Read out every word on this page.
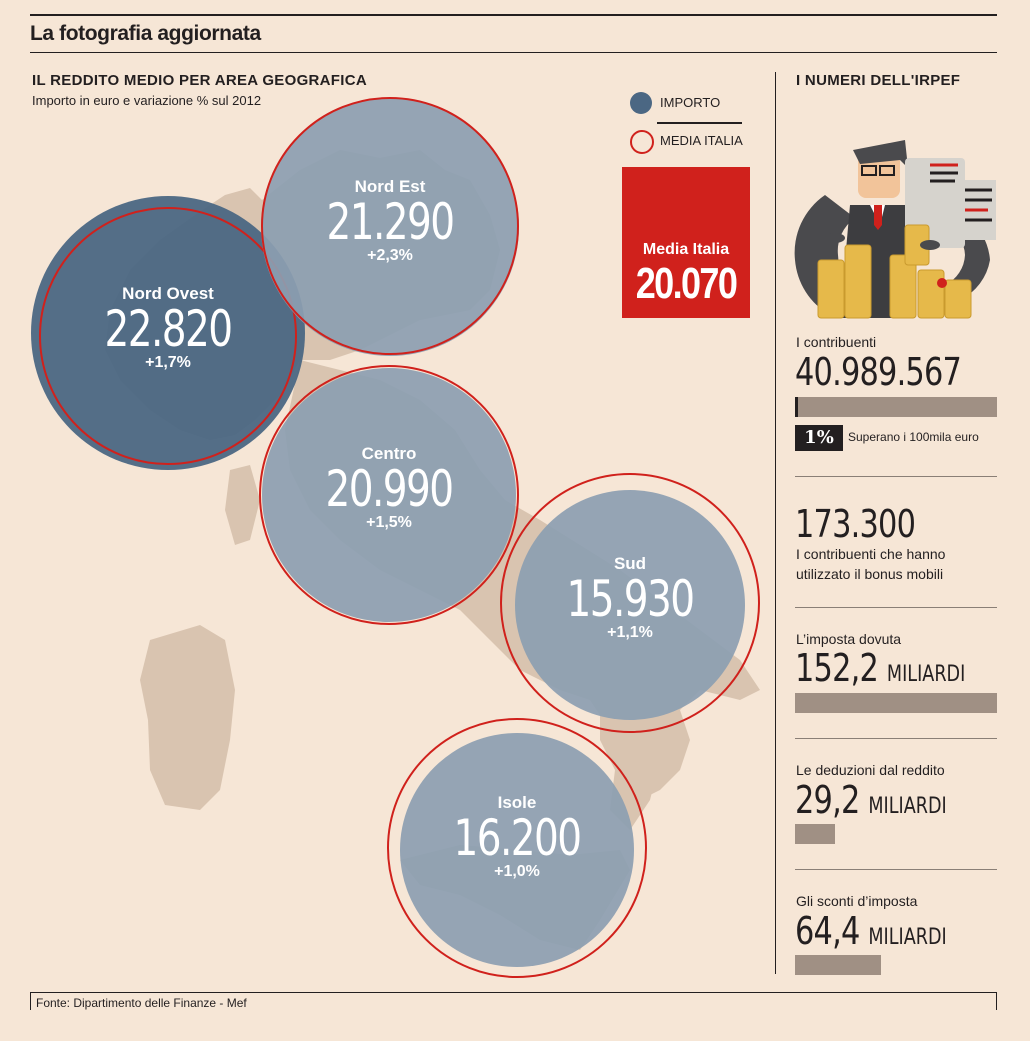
La fotografia aggiornata
IL REDDITO MEDIO PER AREA GEOGRAFICA
Importo in euro e variazione % sul 2012
Nord Ovest
22.820
+1,7%
Nord Est
21.290
+2,3%
Centro
20.990
+1,5%
Sud
15.930
+1,1%
Isole
16.200
+1,0%
IMPORTO
MEDIA ITALIA
Media Italia
20.070
I NUMERI DELL'IRPEF
I contribuenti
40.989.567
1%	Superano i 100mila euro
173.300
I contribuenti che hanno
utilizzato il bonus mobili
L’imposta dovuta
152,2 MILIARDI
Le deduzioni dal reddito
29,2 MILIARDI
Gli sconti d’imposta
64,4 MILIARDI
Fonte: Dipartimento delle Finanze - Mef
